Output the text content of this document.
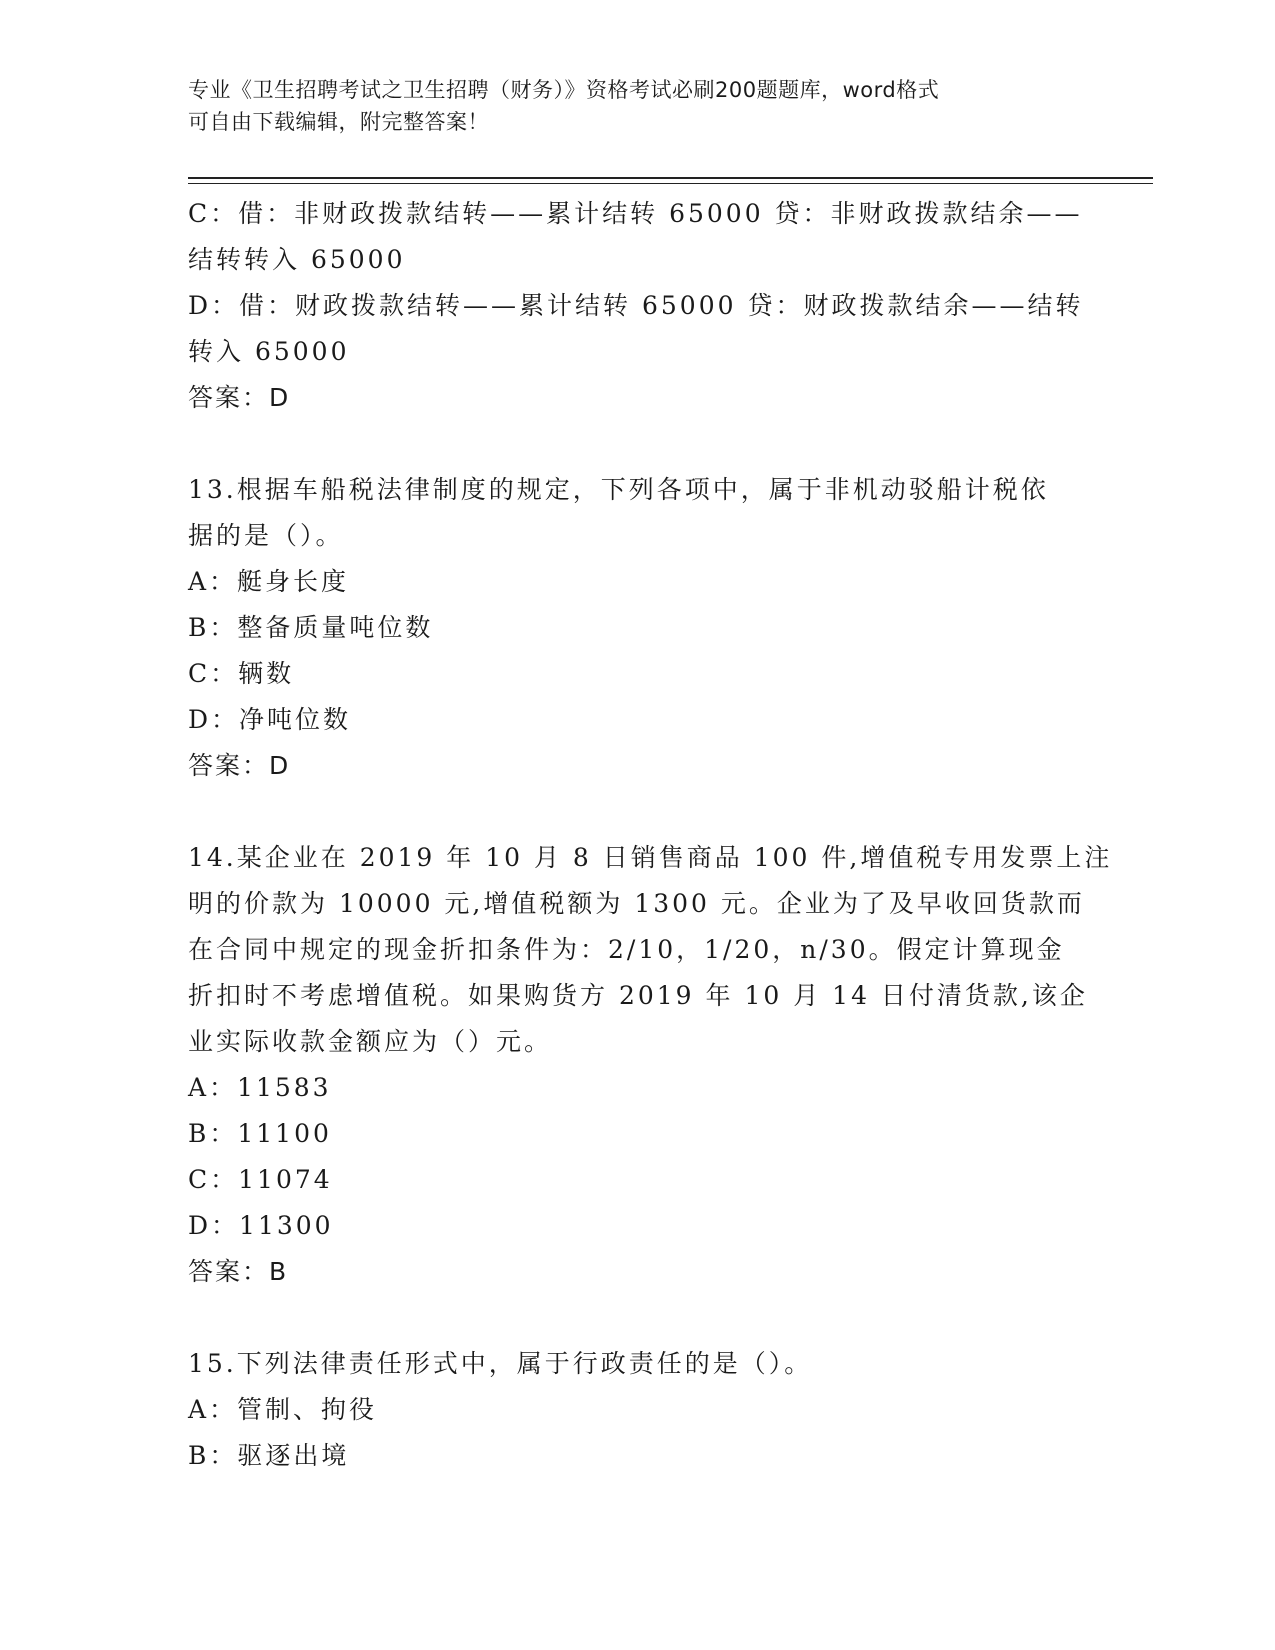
专业《卫生招聘考试之卫生招聘（财务）》资格考试必刷200题题库，word格式
可自由下载编辑，附完整答案！
C：借：非财政拨款结转——累计结转 65000 贷：非财政拨款结余——
结转转入 65000
D：借：财政拨款结转——累计结转 65000 贷：财政拨款结余——结转
转入 65000
答案：D
13.根据车船税法律制度的规定，下列各项中，属于非机动驳船计税依
据的是（）。
A：艇身长度
B：整备质量吨位数
C：辆数
D：净吨位数
答案：D
14.某企业在 2019 年 10 月 8 日销售商品 100 件,增值税专用发票上注
明的价款为 10000 元,增值税额为 1300 元。企业为了及早收回货款而
在合同中规定的现金折扣条件为：2/10，1/20，n/30。假定计算现金
折扣时不考虑增值税。如果购货方 2019 年 10 月 14 日付清货款,该企
业实际收款金额应为（）元。
A：11583
B：11100
C：11074
D：11300
答案：B
15.下列法律责任形式中，属于行政责任的是（）。
A：管制、拘役
B：驱逐出境
